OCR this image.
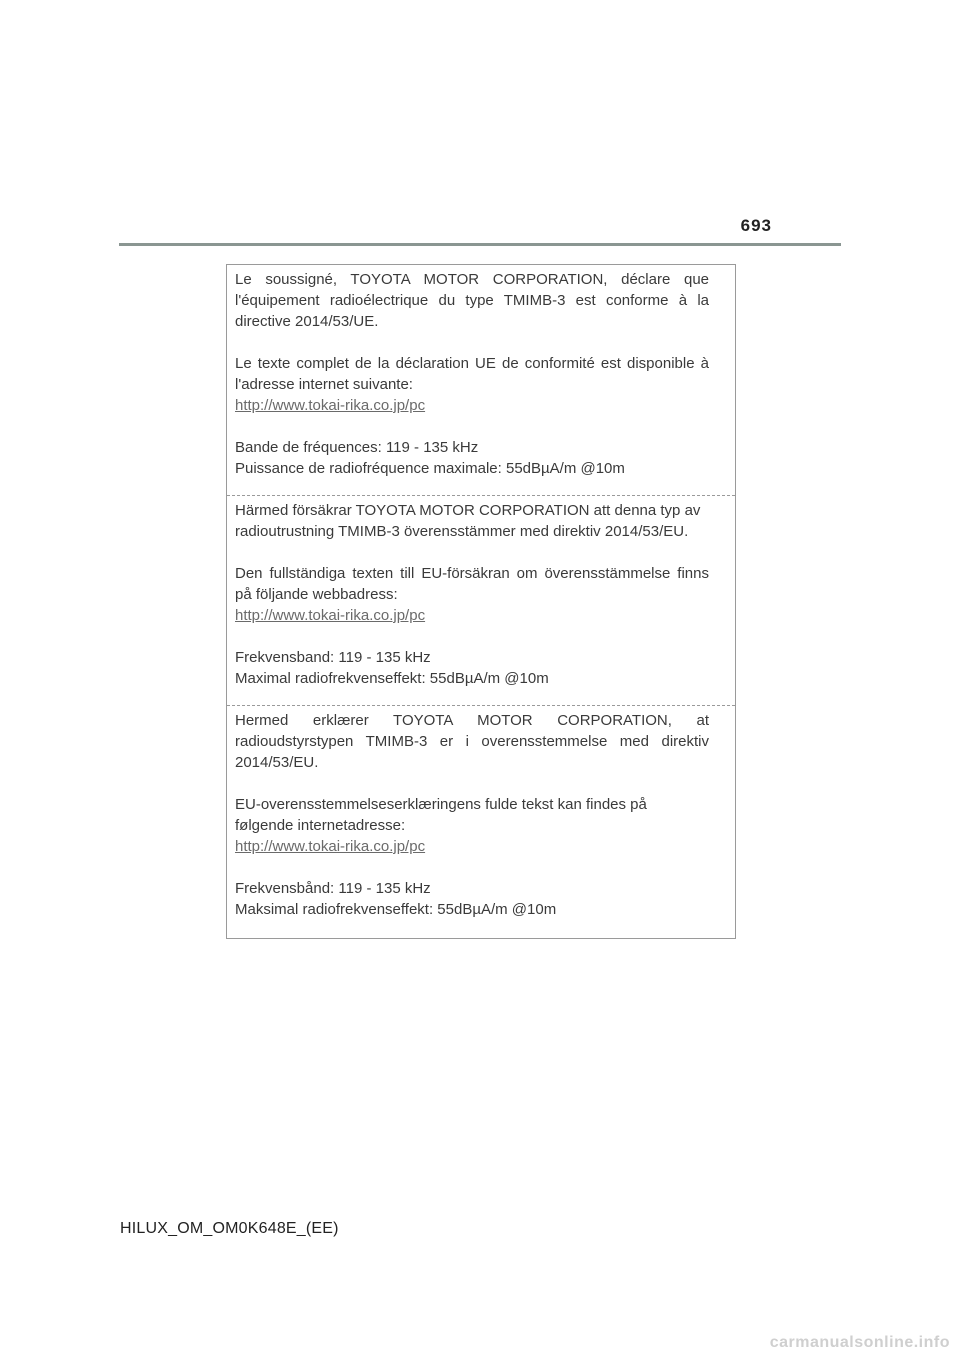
693

Le soussigné, TOYOTA MOTOR CORPORATION, déclare que l'équipement radioélectrique du type TMIMB-3 est conforme à la directive 2014/53/UE.

Le texte complet de la déclaration UE de conformité est disponible à l'adresse internet suivante:
http://www.tokai-rika.co.jp/pc

Bande de fréquences: 119 - 135 kHz
Puissance de radiofréquence maximale: 55dBµA/m @10m

Härmed försäkrar TOYOTA MOTOR CORPORATION att denna typ av radioutrustning TMIMB-3 överensstämmer med direktiv 2014/53/EU.

Den fullständiga texten till EU-försäkran om överensstämmelse finns på följande webbadress:
http://www.tokai-rika.co.jp/pc

Frekvensband: 119 - 135 kHz
Maximal radiofrekvenseffekt: 55dBµA/m @10m

Hermed erklærer TOYOTA MOTOR CORPORATION, at radioudstyrstypen TMIMB-3 er i overensstemmelse med direktiv 2014/53/EU.

EU-overensstemmelseserklæringens fulde tekst kan findes på
følgende internetadresse:
http://www.tokai-rika.co.jp/pc

Frekvensbånd: 119 - 135 kHz
Maksimal radiofrekvenseffekt: 55dBµA/m @10m

HILUX_OM_OM0K648E_(EE)
carmanualsonline.info
